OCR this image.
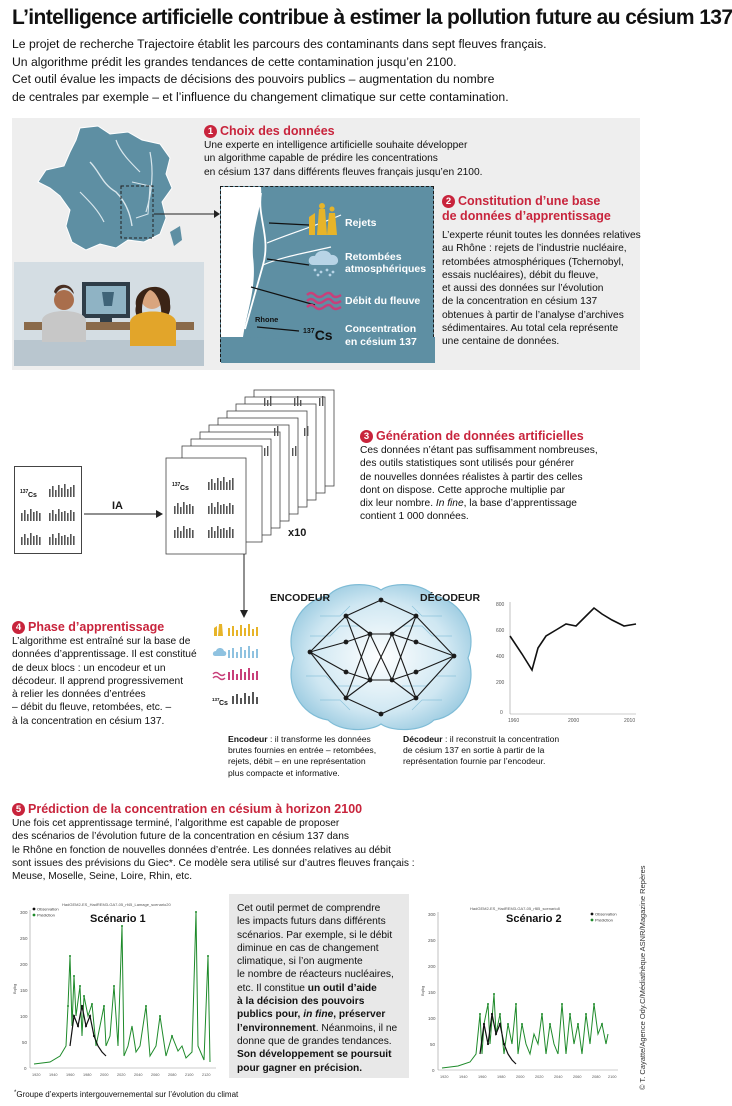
L’intelligence artificielle contribue à estimer la pollution future au césium 137
Le projet de recherche Trajectoire établit les parcours des contaminants dans sept fleuves français.
Un algorithme prédit les grandes tendances de cette contamination jusqu’en 2100.
Cet outil évalue les impacts de décisions des pouvoirs publics – augmentation du nombre
de centrales par exemple – et l’influence du changement climatique sur cette contamination.
1 Choix des données
Une experte en intelligence artificielle souhaite développer
un algorithme capable de prédire les concentrations
en césium 137 dans différents fleuves français jusqu’en 2100.
Rejets
Retombées
atmosphériques
Débit du fleuve
$^{137}$Cs Concentration
en césium 137
Rhone
2 Constitution d’une base
de données d’apprentissage
L’experte réunit toutes les données relatives
au Rhône : rejets de l’industrie nucléaire,
retombées atmosphériques (Tchernobyl,
essais nucléaires), débit du fleuve,
et aussi des données sur l’évolution
de la concentration en césium 137
obtenues à partir de l’analyse d’archives
sédimentaires. Au total cela représente
une centaine de données.
137 Cs
IA
137 Cs
x10
3 Génération de données artificielles
Ces données n’étant pas suffisamment nombreuses,
des outils statistiques sont utilisés pour générer
de nouvelles données réalistes à partir des celles
dont on dispose. Cette approche multiplie par
dix leur nombre. In fine, la base d’apprentissage
contient 1 000 données.
4 Phase d’apprentissage
L’algorithme est entraîné sur la base de
données d’apprentissage. Il est constitué
de deux blocs : un encodeur et un
décodeur. Il apprend progressivement
à relier les données d’entrées
– débit du fleuve, retombées, etc. –
à la concentration en césium 137.
137
Cs
ENCODEUR	DÉCODEUR
800
600
400
200
0
1960	2000	2010
Encodeur : il transforme les données
brutes fournies en entrée – retombées,
rejets, débit – en une représentation
plus compacte et informative.
Décodeur : il reconstruit la concentration
de césium 137 en sortie à partir de la
représentation fournie par l’encodeur.
5 Prédiction de la concentration en césium à horizon 2100
Une fois cet apprentissage terminé, l’algorithme est capable de proposer
des scénarios de l’évolution future de la concentration en césium 137 dans
le Rhône en fonction de nouvelles données d’entrée. Les données relatives au débit
sont issues des prévisions du Giec*. Ce modèle sera utilisé sur d’autres fleuves français :
Meuse, Moselle, Seine, Loire, Rhin, etc.
HadGEM2-ES_HadREM3-GA7-05_rf45_Lamage_scenario20
Scénario 1
Bq/kg
300
250
200
150
100
50
0
1920 1940 1960 1980 2000 2020 2040 2060 2080 2100 2120
Observation
Prédiction
Cet outil permet de comprendre
les impacts futurs dans différents
scénarios. Par exemple, si le débit
diminue en cas de changement
climatique, si l’on augmente
le nombre de réacteurs nucléaires,
etc. Il constitue un outil d’aide
à la décision des pouvoirs
publics pour, in fine, préserver
l’environnement. Néanmoins, il ne
donne que de grandes tendances.
Son développement se poursuit
pour gagner en précision.
HadGEM2-ES_HadREM3-GA7-05_rf85_scenario8
Scénario 2
Bq/kg
300
250
200
150
100
50
0
1920	1940	1960	1980	2000	2020	2040	2060	2080 2100
Observation
Prédiction
*Groupe d’experts intergouvernemental sur l’évolution du climat
© T. Cayatte/Agence Ody.C/Médiathèque ASNR/Magazine Repères
